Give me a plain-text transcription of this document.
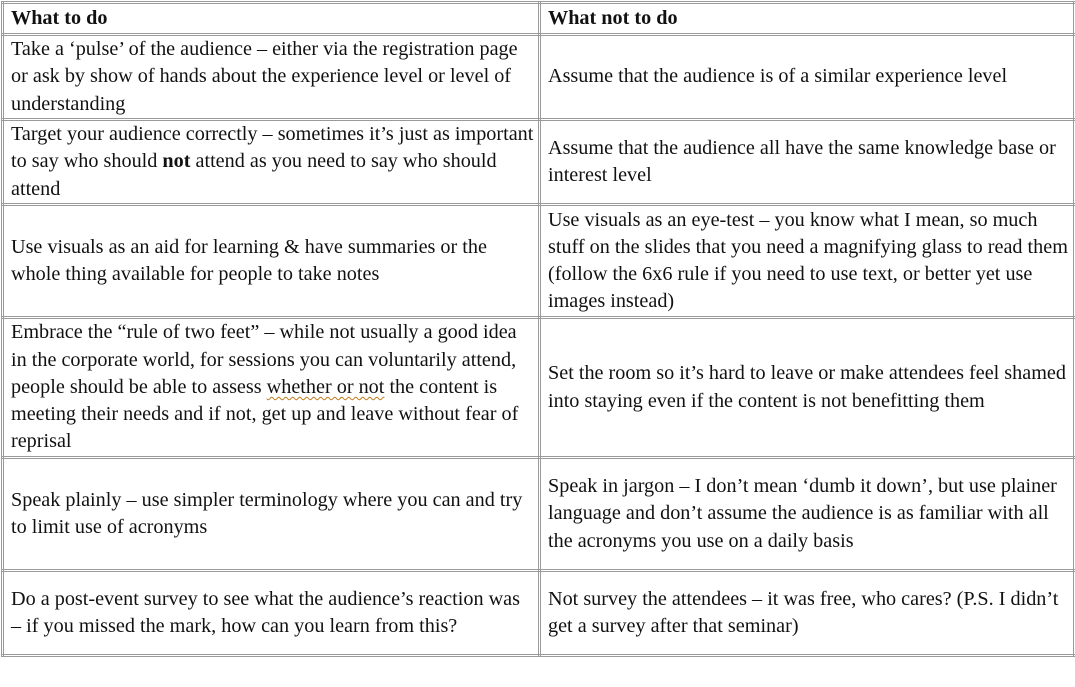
What to do	What not to do
Take a ‘pulse’ of the audience – either via the registration page or ask by show of hands about the experience level or level of understanding	Assume that the audience is of a similar experience level
Target your audience correctly – sometimes it’s just as important to say who should not attend as you need to say who should attend	Assume that the audience all have the same knowledge base or interest level
Use visuals as an aid for learning & have summaries or the whole thing available for people to take notes	Use visuals as an eye-test – you know what I mean, so much stuff on the slides that you need a magnifying glass to read them (follow the 6x6 rule if you need to use text, or better yet use images instead)
Embrace the “rule of two feet” – while not usually a good idea in the corporate world, for sessions you can voluntarily attend, people should be able to assess whether or not the content is meeting their needs and if not, get up and leave without fear of reprisal	Set the room so it’s hard to leave or make attendees feel shamed into staying even if the content is not benefitting them
Speak plainly – use simpler terminology where you can and try to limit use of acronyms	Speak in jargon – I don’t mean ‘dumb it down’, but use plainer language and don’t assume the audience is as familiar with all the acronyms you use on a daily basis
Do a post-event survey to see what the audience’s reaction was – if you missed the mark, how can you learn from this?	Not survey the attendees – it was free, who cares? (P.S. I didn’t get a survey after that seminar)
